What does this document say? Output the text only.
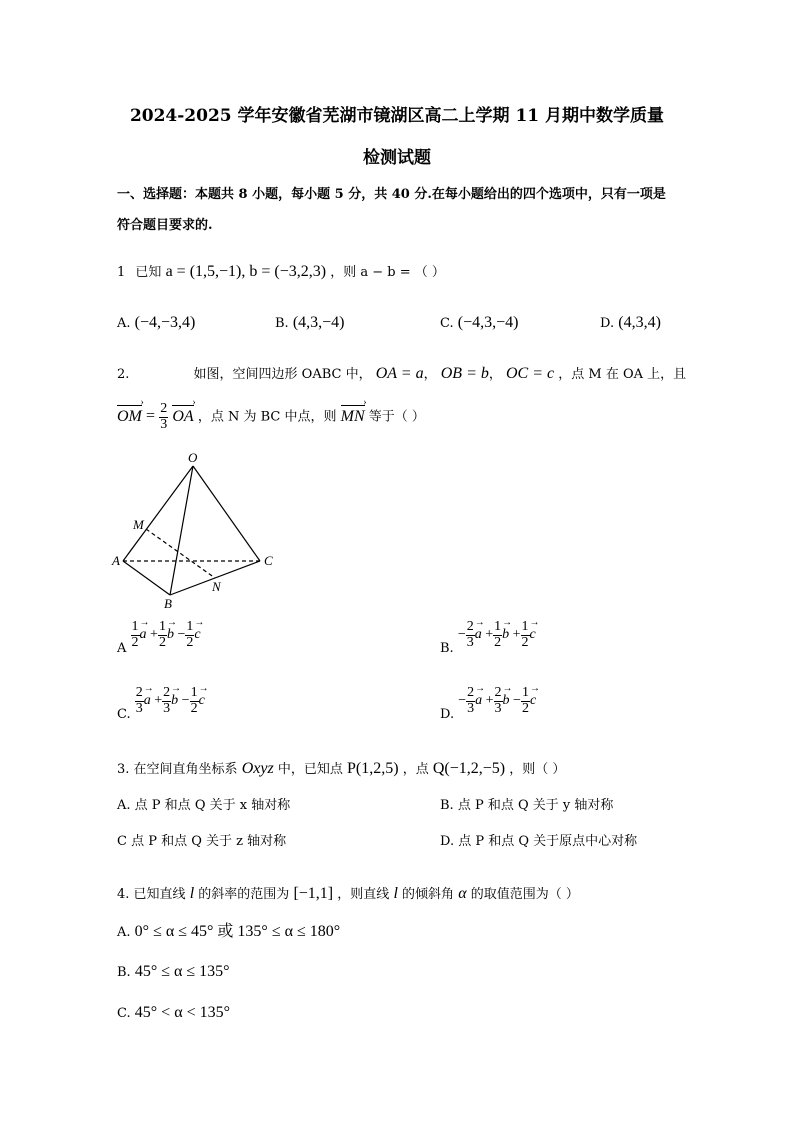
2024-2025 学年安徽省芜湖市镜湖区高二上学期 11 月期中数学质量
检测试题
一、选择题：本题共 8 小题，每小题 5 分，共 40 分.在每小题给出的四个选项中，只有一项是
符合题目要求的.
1 已知 a = (1,5,−1), b = (−3,2,3) ，则 a − b = （ ）
A. (−4,−3,4)	B. (4,3,−4)	C. (−4,3,−4)	D. (4,3,4)
2.	如图，空间四边形 OABC 中， OA = a， OB = b， OC = c ，点 M 在 OA 上，且
OM › = $\frac{2}{3}$ OA › ，点 N 为 BC 中点，则 MN › 等于（ ）
O
M
A	C
N
B
A $\frac{1}{2}$
→ $a + \frac{1}{2}$
→ $b - \frac{1}{2}$
→ c
B. − $\frac{2}{3}$
→ $a + \frac{1}{2}$
→ $b + \frac{1}{2}$
→ c
C. $\frac{2}{3}$
→ $a + \frac{2}{3}$
→ $b - \frac{1}{2}$
→ c
D. − $\frac{2}{3}$
→ $a + \frac{2}{3}$
→ $b - \frac{1}{2}$
→ c
3. 在空间直角坐标系 Oxyz 中，已知点 P(1,2,5) ，点 Q(−1,2,−5) ，则（ ）
A. 点 P 和点 Q 关于 x 轴对称	B. 点 P 和点 Q 关于 y 轴对称
C 点 P 和点 Q 关于 z 轴对称	D. 点 P 和点 Q 关于原点中心对称
4. 已知直线 l 的斜率的范围为 [−1,1] ，则直线 l 的倾斜角 α 的取值范围为（ ）
A. 0° ≤ α ≤ 45° 或 135° ≤ α ≤ 180°
B. 45° ≤ α ≤ 135°
C. 45° < α < 135°
